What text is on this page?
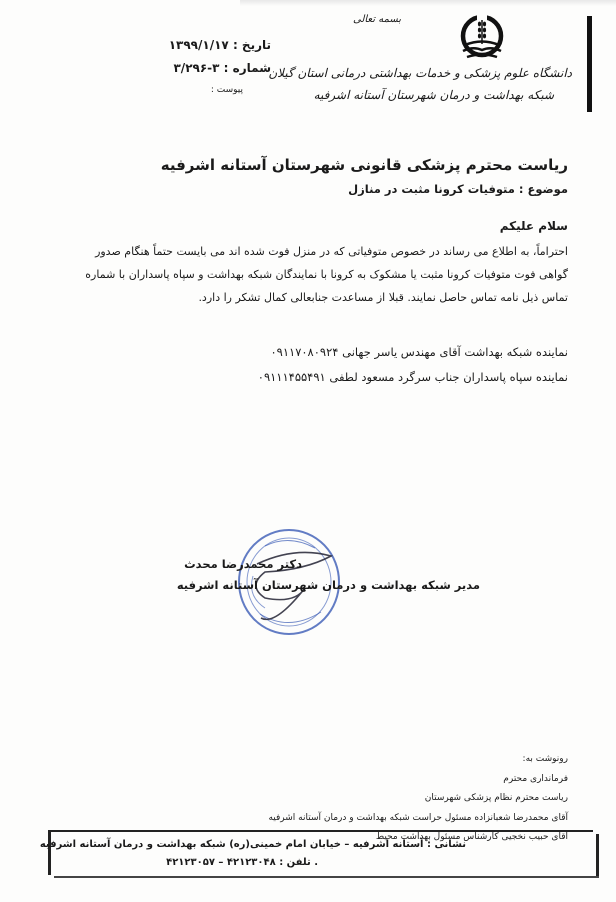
بسمه تعالی
دانشگاه علوم پزشکی و خدمات بهداشتی درمانی استان گیلان
شبکه بهداشت و درمان شهرستان آستانه اشرفیه
تاریخ : ۱۳۹۹/۱/۱۷
شماره : ۳-۳/۲۹۶
پیوست :
ریاست محترم پزشکی قانونی شهرستان آستانه اشرفیه
موضوع : متوفیات کرونا مثبت در منازل
سلام علیکم
احتراماً، به اطلاع می رساند در خصوص متوفیاتی که در منزل فوت شده اند می بایست حتماً هنگام صدور
گواهی فوت متوفیات کرونا مثبت یا مشکوک به کرونا با نمایندگان شبکه بهداشت و سپاه پاسداران با شماره
تماس ذیل نامه تماس حاصل نمایند. قبلا از مساعدت جنابعالی کمال تشکر را دارد.
نماینده شبکه بهداشت آقای مهندس یاسر جهانی ۰۹۱۱۷۰۸۰۹۲۴
نماینده سپاه پاسداران جناب سرگرد مسعود لطفی ۰۹۱۱۱۴۵۵۴۹۱
دکتر محمدرضا محدث
مدیر شبکه بهداشت و درمان شهرستان آستانه اشرفیه
رونوشت به:
فرمانداری محترم
ریاست محترم نظام پزشکی شهرستان
آقای محمدرضا شعبانزاده مسئول حراست شبکه بهداشت و درمان آستانه اشرفیه
آقای حبیب نخجیی کارشناس مسئول بهداشت محیط
نشانی : آستانه اشرفیه – خیابان امام خمینی(ره) شبکه بهداشت و درمان آستانه اشرفیه
. تلفن : ۴۲۱۲۳۰۴۸ – ۴۲۱۲۳۰۵۷
